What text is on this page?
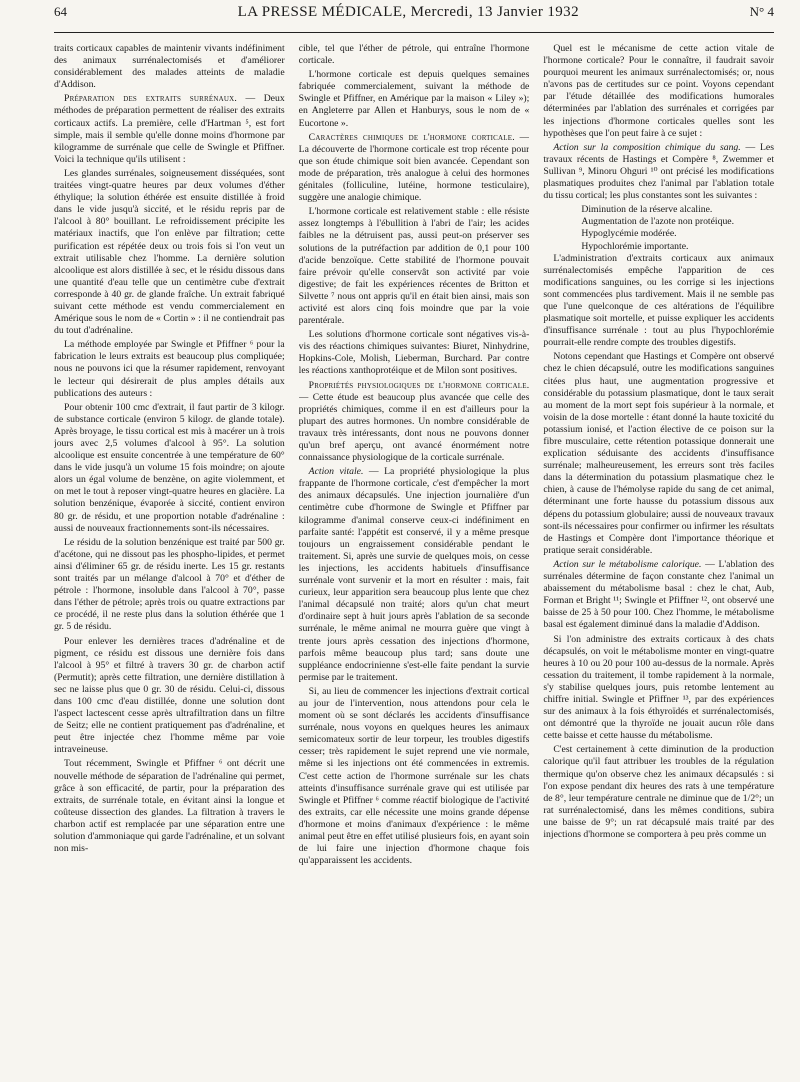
64	LA PRESSE MÉDICALE, Mercredi, 13 Janvier 1932	N° 4

traits corticaux capables de maintenir vivants indéfiniment des animaux surrénalectomisés et d'améliorer considérablement des malades atteints de maladie d'Addison.

Préparation des extraits surrénaux. — Deux méthodes de préparation permettent de réaliser des extraits corticaux actifs. La première, celle d'Hartman ⁵, est fort simple, mais il semble qu'elle donne moins d'hormone par kilogramme de surrénale que celle de Swingle et Pfiffner. Voici la technique qu'ils utilisent :

Les glandes surrénales, soigneusement disséquées, sont traitées vingt-quatre heures par deux volumes d'éther éthylique; la solution éthérée est ensuite distillée à froid dans le vide jusqu'à siccité, et le résidu repris par de l'alcool à 80° bouillant. Le refroidissement précipite les matériaux inactifs, que l'on enlève par filtration; cette purification est répétée deux ou trois fois si l'on veut un extrait utilisable chez l'homme. La dernière solution alcoolique est alors distillée à sec, et le résidu dissous dans une quantité d'eau telle que un centimètre cube d'extrait corresponde à 40 gr. de glande fraîche. Un extrait fabriqué suivant cette méthode est vendu commercialement en Amérique sous le nom de « Cortin » : il ne contiendrait pas du tout d'adrénaline.

La méthode employée par Swingle et Pfiffner ⁶ pour la fabrication le leurs extraits est beaucoup plus compliquée; nous ne pouvons ici que la résumer rapidement, renvoyant le lecteur qui désirerait de plus amples détails aux publications des auteurs :

Pour obtenir 100 cmc d'extrait, il faut partir de 3 kilogr. de substance corticale (environ 5 kilogr. de glande totale). Après broyage, le tissu cortical est mis à macérer un à trois jours avec 2,5 volumes d'alcool à 95°. La solution alcoolique est ensuite concentrée à une température de 60° dans le vide jusqu'à un volume 15 fois moindre; on ajoute alors un égal volume de benzène, on agite violemment, et on met le tout à reposer vingt-quatre heures en glacière. La solution benzénique, évaporée à siccité, contient environ 80 gr. de résidu, et une proportion notable d'adrénaline : aussi de nouveaux fractionnements sont-ils nécessaires.

Le résidu de la solution benzénique est traité par 500 gr. d'acétone, qui ne dissout pas les phospho-lipides, et permet ainsi d'éliminer 65 gr. de résidu inerte. Les 15 gr. restants sont traités par un mélange d'alcool à 70° et d'éther de pétrole : l'hormone, insoluble dans l'alcool à 70°, passe dans l'éther de pétrole; après trois ou quatre extractions par ce procédé, il ne reste plus dans la solution éthérée que 1 gr. 5 de résidu.

Pour enlever les dernières traces d'adrénaline et de pigment, ce résidu est dissous une dernière fois dans l'alcool à 95° et filtré à travers 30 gr. de charbon actif (Permutit); après cette filtration, une dernière distillation à sec ne laisse plus que 0 gr. 30 de résidu. Celui-ci, dissous dans 100 cmc d'eau distillée, donne une solution dont l'aspect lactescent cesse après ultrafiltration dans un filtre de Seitz; elle ne contient pratiquement pas d'adrénaline, et peut être injectée chez l'homme même par voie intraveineuse.

Tout récemment, Swingle et Pfiffner ⁶ ont décrit une nouvelle méthode de séparation de l'adrénaline qui permet, grâce à son efficacité, de partir, pour la préparation des extraits, de surrénale totale, en évitant ainsi la longue et coûteuse dissection des glandes. La filtration à travers le charbon actif est remplacée par une séparation entre une solution d'ammoniaque qui garde l'adrénaline, et un solvant non mis-

cible, tel que l'éther de pétrole, qui entraîne l'hormone corticale.

L'hormone corticale est depuis quelques semaines fabriquée commercialement, suivant la méthode de Swingle et Pfiffner, en Amérique par la maison « Liley »); en Angleterre par Allen et Hanburys, sous le nom de « Eucortone ».

Caractères chimiques de l'hormone corticale. — La découverte de l'hormone corticale est trop récente pour que son étude chimique soit bien avancée. Cependant son mode de préparation, très analogue à celui des hormones génitales (folliculine, lutéine, hormone testiculaire), suggère une analogie chimique.

L'hormone corticale est relativement stable : elle résiste assez longtemps à l'ébullition à l'abri de l'air; les acides faibles ne la détruisent pas, aussi peut-on préserver ses solutions de la putréfaction par addition de 0,1 pour 100 d'acide benzoïque. Cette stabilité de l'hormone pouvait faire prévoir qu'elle conservât son activité par voie digestive; de fait les expériences récentes de Britton et Silvette ⁷ nous ont appris qu'il en était bien ainsi, mais son activité est alors cinq fois moindre que par la voie parentérale.

Les solutions d'hormone corticale sont négatives vis-à-vis des réactions chimiques suivantes: Biuret, Ninhydrine, Hopkins-Cole, Molish, Lieberman, Burchard. Par contre les réactions xanthoprotéique et de Milon sont positives.

Propriétés physiologiques de l'hormone corticale. — Cette étude est beaucoup plus avancée que celle des propriétés chimiques, comme il en est d'ailleurs pour la plupart des autres hormones. Un nombre considérable de travaux très intéressants, dont nous ne pouvons donner qu'un bref aperçu, ont avancé énormément notre connaissance physiologique de la corticale surrénale.

Action vitale. — La propriété physiologique la plus frappante de l'hormone corticale, c'est d'empêcher la mort des animaux décapsulés. Une injection journalière d'un centimètre cube d'hormone de Swingle et Pfiffner par kilogramme d'animal conserve ceux-ci indéfiniment en parfaite santé: l'appétit est conservé, il y a même presque toujours un engraissement considérable pendant le traitement. Si, après une survie de quelques mois, on cesse les injections, les accidents habituels d'insuffisance surrénale vont survenir et la mort en résulter : mais, fait curieux, leur apparition sera beaucoup plus lente que chez l'animal décapsulé non traité; alors qu'un chat meurt d'ordinaire sept à huit jours après l'ablation de sa seconde surrénale, le même animal ne mourra guère que vingt à trente jours après cessation des injections d'hormone, parfois même beaucoup plus tard; sans doute une suppléance endocrinienne s'est-elle faite pendant la survie permise par le traitement.

Si, au lieu de commencer les injections d'extrait cortical au jour de l'intervention, nous attendons pour cela le moment où se sont déclarés les accidents d'insuffisance surrénale, nous voyons en quelques heures les animaux semicomateux sortir de leur torpeur, les troubles digestifs cesser; très rapidement le sujet reprend une vie normale, même si les injections ont été commencées in extremis. C'est cette action de l'hormone surrénale sur les chats atteints d'insuffisance surrénale grave qui est utilisée par Swingle et Pfiffner ⁶ comme réactif biologique de l'activité des extraits, car elle nécessite une moins grande dépense d'hormone et moins d'animaux d'expérience : le même animal peut être en effet utilisé plusieurs fois, en ayant soin de lui faire une injection d'hormone chaque fois qu'apparaissent les accidents.

Quel est le mécanisme de cette action vitale de l'hormone corticale? Pour le connaître, il faudrait savoir pourquoi meurent les animaux surrénalectomisés; or, nous n'avons pas de certitudes sur ce point. Voyons cependant par l'étude détaillée des modifications humorales déterminées par l'ablation des surrénales et corrigées par les injections d'hormone corticales quelles sont les hypothèses que l'on peut faire à ce sujet :

Action sur la composition chimique du sang. — Les travaux récents de Hastings et Compère ⁸, Zwemmer et Sullivan ⁹, Minoru Ohguri ¹⁰ ont précisé les modifications plasmatiques produites chez l'animal par l'ablation totale du tissu cortical; les plus constantes sont les suivantes :

Diminution de la réserve alcaline.

Augmentation de l'azote non protéique.

Hypoglycémie modérée.

Hypochlorémie importante.

L'administration d'extraits corticaux aux animaux surrénalectomisés empêche l'apparition de ces modifications sanguines, ou les corrige si les injections sont commencées plus tardivement. Mais il ne semble pas que l'une quelconque de ces altérations de l'équilibre plasmatique soit mortelle, et puisse expliquer les accidents d'insuffisance surrénale : tout au plus l'hypochlorémie pourrait-elle rendre compte des troubles digestifs.

Notons cependant que Hastings et Compère ont observé chez le chien décapsulé, outre les modifications sanguines citées plus haut, une augmentation progressive et considérable du potassium plasmatique, dont le taux serait au moment de la mort sept fois supérieur à la normale, et voisin de la dose mortelle : étant donné la haute toxicité du potassium ionisé, et l'action élective de ce poison sur la fibre musculaire, cette rétention potassique donnerait une explication séduisante des accidents d'insuffisance surrénale; malheureusement, les erreurs sont très faciles dans la détermination du potassium plasmatique chez le chien, à cause de l'hémolyse rapide du sang de cet animal, déterminant une forte hausse du potassium dissous aux dépens du potassium globulaire; aussi de nouveaux travaux sont-ils nécessaires pour confirmer ou infirmer les résultats de Hastings et Compère dont l'importance théorique et pratique serait considérable.

Action sur le métabolisme calorique. — L'ablation des surrénales détermine de façon constante chez l'animal un abaissement du métabolisme basal : chez le chat, Aub, Forman et Bright ¹¹; Swingle et Pfiffner ¹², ont observé une baisse de 25 à 50 pour 100. Chez l'homme, le métabolisme basal est également diminué dans la maladie d'Addison.

Si l'on administre des extraits corticaux à des chats décapsulés, on voit le métabolisme monter en vingt-quatre heures à 10 ou 20 pour 100 au-dessus de la normale. Après cessation du traitement, il tombe rapidement à la normale, s'y stabilise quelques jours, puis retombe lentement au chiffre initial. Swingle et Pfiffner ¹³, par des expériences sur des animaux à la fois éthyroïdés et surrénalectomisés, ont démontré que la thyroïde ne jouait aucun rôle dans cette baisse et cette hausse du métabolisme.

C'est certainement à cette diminution de la production calorique qu'il faut attribuer les troubles de la régulation thermique qu'on observe chez les animaux décapsulés : si l'on expose pendant dix heures des rats à une température de 8°, leur température centrale ne diminue que de 1/2°; un rat surrénalectomisé, dans les mêmes conditions, subira une baisse de 9°; un rat décapsulé mais traité par des injections d'hormone se comportera à peu près comme un
